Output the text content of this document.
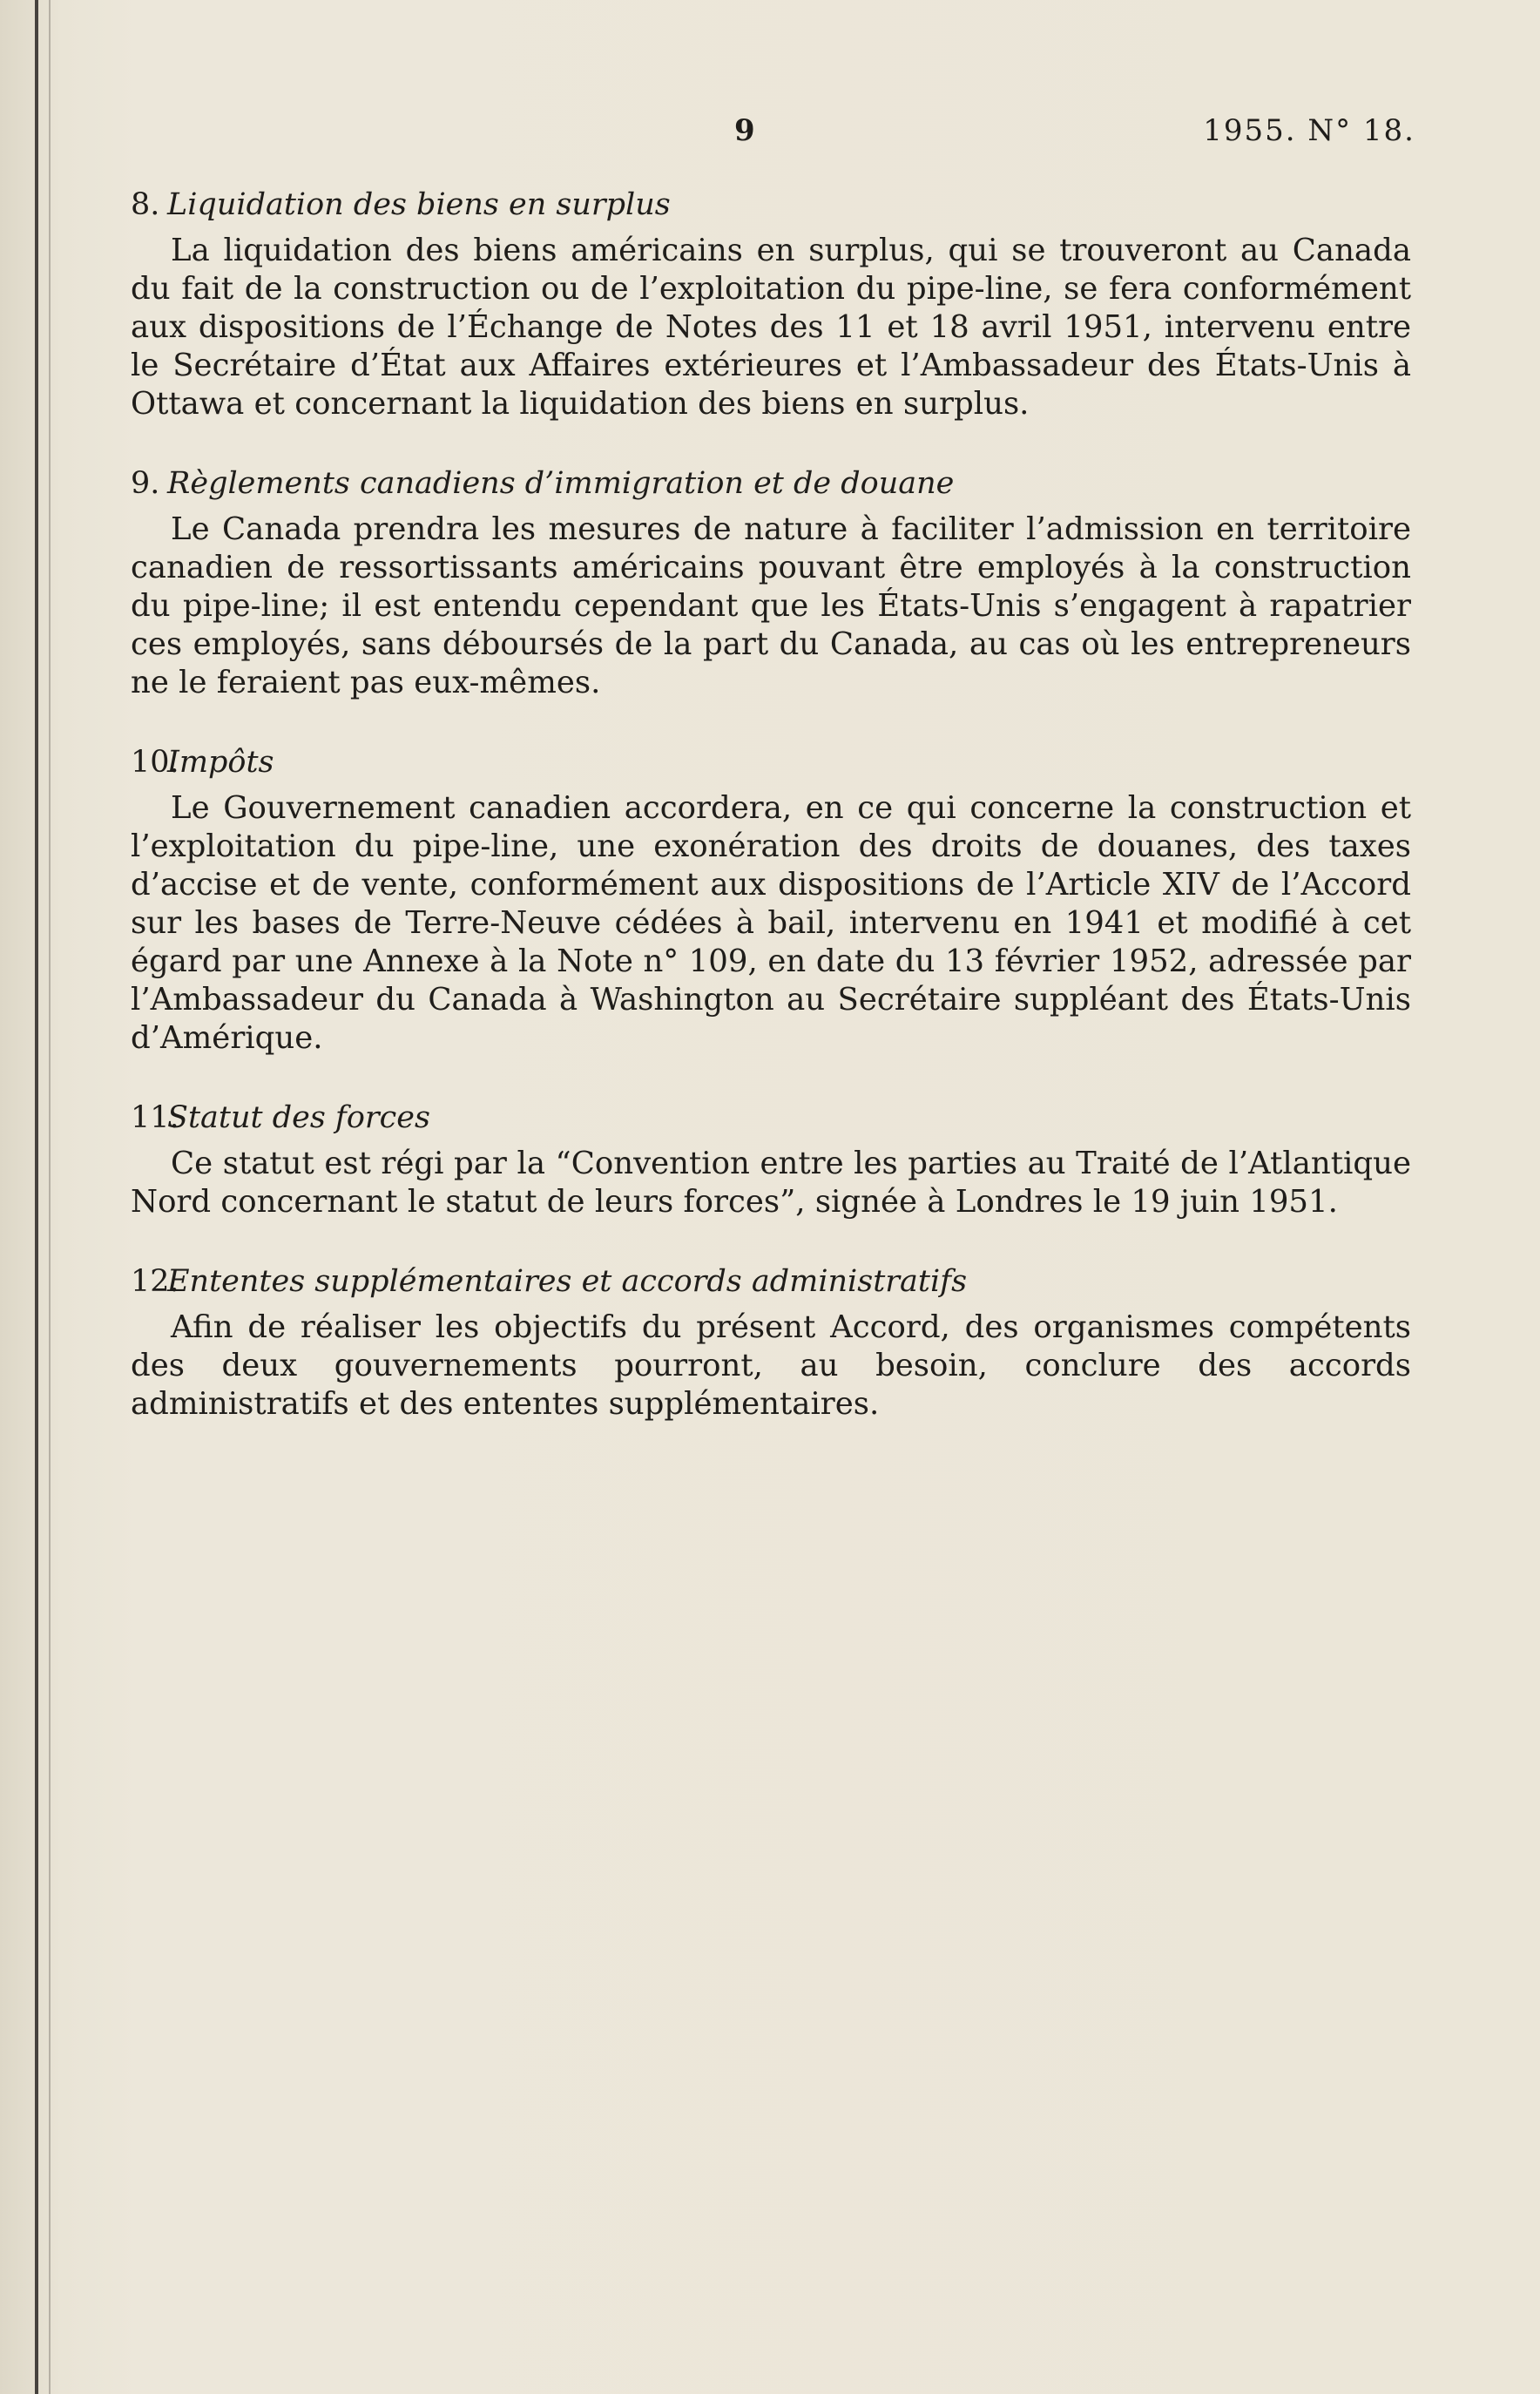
9	1955. N° 18.
8. Liquidation des biens en surplus

La liquidation des biens américains en surplus, qui se trouveront au Canada du fait de la construction ou de l’exploitation du pipe-line, se fera conformément aux dispositions de l’Échange de Notes des 11 et 18 avril 1951, intervenu entre le Secrétaire d’État aux Affaires extérieures et l’Ambassadeur des États-Unis à Ottawa et concernant la liquidation des biens en surplus.

9. Règlements canadiens d’immigration et de douane

Le Canada prendra les mesures de nature à faciliter l’admission en territoire canadien de ressortissants américains pouvant être employés à la construction du pipe-line; il est entendu cependant que les États-Unis s’engagent à rapatrier ces employés, sans déboursés de la part du Canada, au cas où les entrepreneurs ne le feraient pas eux-mêmes.

10.Impôts

Le Gouvernement canadien accordera, en ce qui concerne la construction et l’exploitation du pipe-line, une exonération des droits de douanes, des taxes d’accise et de vente, conformément aux dispositions de l’Article XIV de l’Accord sur les bases de Terre-Neuve cédées à bail, intervenu en 1941 et modifié à cet égard par une Annexe à la Note n° 109, en date du 13 février 1952, adressée par l’Ambassadeur du Canada à Washington au Secrétaire suppléant des États-Unis d’Amérique.

11.Statut des forces

Ce statut est régi par la “Convention entre les parties au Traité de l’Atlantique Nord concernant le statut de leurs forces”, signée à Londres le 19 juin 1951.

12.Ententes supplémentaires et accords administratifs

Afin de réaliser les objectifs du présent Accord, des organismes compétents des deux gouvernements pourront, au besoin, conclure des accords administratifs et des ententes supplémentaires.
